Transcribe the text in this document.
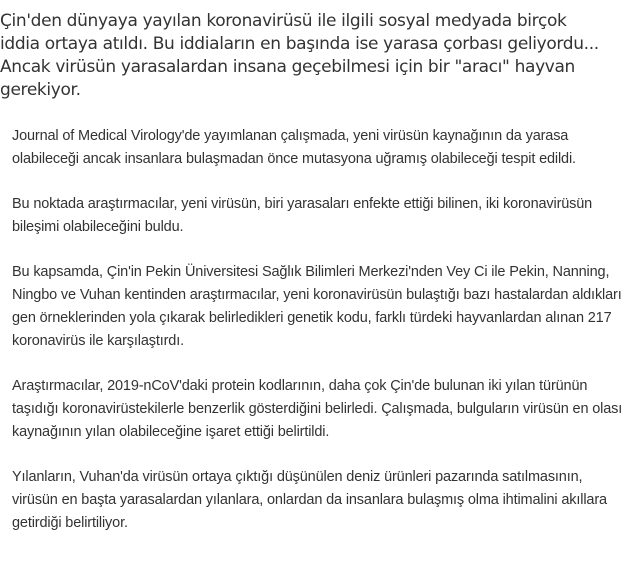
Çin'den dünyaya yayılan koronavirüsü ile ilgili sosyal medyada birçok iddia ortaya atıldı. Bu iddiaların en başında ise yarasa çorbası geliyordu... Ancak virüsün yarasalardan insana geçebilmesi için bir "aracı" hayvan gerekiyor.

Journal of Medical Virology'de yayımlanan çalışmada, yeni virüsün kaynağının da yarasa olabileceği ancak insanlara bulaşmadan önce mutasyona uğramış olabileceği tespit edildi.

Bu noktada araştırmacılar, yeni virüsün, biri yarasaları enfekte ettiği bilinen, iki koronavirüsün bileşimi olabileceğini buldu.

Bu kapsamda, Çin'in Pekin Üniversitesi Sağlık Bilimleri Merkezi'nden Vey Ci ile Pekin, Nanning, Ningbo ve Vuhan kentinden araştırmacılar, yeni koronavirüsün bulaştığı bazı hastalardan aldıkları gen örneklerinden yola çıkarak belirledikleri genetik kodu, farklı türdeki hayvanlardan alınan 217 koronavirüs ile karşılaştırdı.

Araştırmacılar, 2019-nCoV'daki protein kodlarının, daha çok Çin'de bulunan iki yılan türünün taşıdığı koronavirüstekilerle benzerlik gösterdiğini belirledi. Çalışmada, bulguların virüsün en olası kaynağının yılan olabileceğine işaret ettiği belirtildi.

Yılanların, Vuhan'da virüsün ortaya çıktığı düşünülen deniz ürünleri pazarında satılmasının, virüsün en başta yarasalardan yılanlara, onlardan da insanlara bulaşmış olma ihtimalini akıllara getirdiği belirtiliyor.
